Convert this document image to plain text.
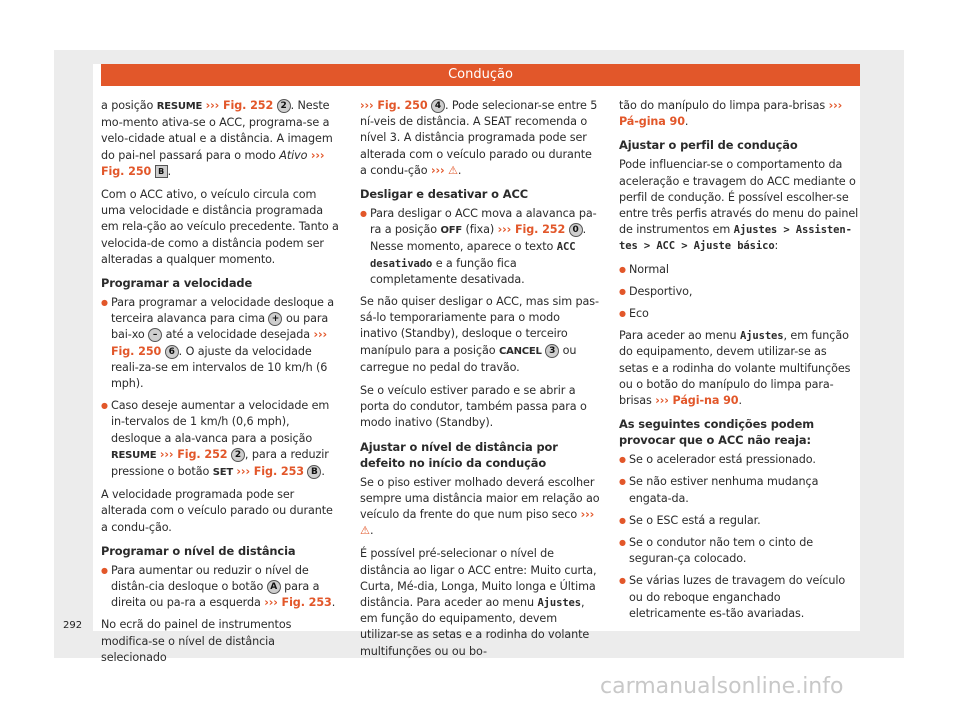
Condução

a posição RESUME ››› Fig. 252 2 . Neste mo-mento ativa-se o ACC, programa-se a velo-cidade atual e a distância. A imagem do pai-nel passará para o modo Ativo ››› Fig. 250 B .

Com o ACC ativo, o veículo circula com uma velocidade e distância programada em rela-ção ao veículo precedente. Tanto a velocida-de como a distância podem ser alteradas a qualquer momento.

Programar a velocidade
● Para programar a velocidade desloque a terceira alavanca para cima + ou para bai-xo – até a velocidade desejada ››› Fig. 250 6 . O ajuste da velocidade reali-za-se em intervalos de 10 km/h (6 mph).
● Caso deseje aumentar a velocidade em in-tervalos de 1 km/h (0,6 mph), desloque a ala-vanca para a posição RESUME ››› Fig. 252 2 , para a reduzir pressione o botão SET ››› Fig. 253 B .

A velocidade programada pode ser alterada com o veículo parado ou durante a condu-ção.

Programar o nível de distância
● Para aumentar ou reduzir o nível de distân-cia desloque o botão A para a direita ou pa-ra a esquerda ››› Fig. 253.

No ecrã do painel de instrumentos modifica-se o nível de distância selecionado

››› Fig. 250 4 . Pode selecionar-se entre 5 ní-veis de distância. A SEAT recomenda o nível 3. A distância programada pode ser alterada com o veículo parado ou durante a condu-ção ››› ⚠.

Desligar e desativar o ACC
● Para desligar o ACC mova a alavanca pa-ra a posição OFF (fixa) ››› Fig. 252 0 . Nesse momento, aparece o texto ACC desativado e a função fica completamente desativada.

Se não quiser desligar o ACC, mas sim pas-sá-lo temporariamente para o modo inativo (Standby), desloque o terceiro manípulo para a posição CANCEL 3 ou carregue no pedal do travão.

Se o veículo estiver parado e se abrir a porta do condutor, também passa para o modo inativo (Standby).

Ajustar o nível de distância por defeito no início da condução

Se o piso estiver molhado deverá escolher sempre uma distância maior em relação ao veículo da frente do que num piso seco ››› ⚠.

É possível pré-selecionar o nível de distância ao ligar o ACC entre: Muito curta, Curta, Mé-dia, Longa, Muito longa e Última distância. Para aceder ao menu Ajustes, em função do equipamento, devem utilizar-se as setas e a rodinha do volante multifunções ou ou bo-

tão do manípulo do limpa para-brisas ››› Pá-gina 90.

Ajustar o perfil de condução

Pode influenciar-se o comportamento da aceleração e travagem do ACC mediante o perfil de condução. É possível escolher-se entre três perfis através do menu do painel de instrumentos em Ajustes > Assisten-tes > ACC > Ajuste básico:

● Normal
● Desportivo,
● Eco

Para aceder ao menu Ajustes, em função do equipamento, devem utilizar-se as setas e a rodinha do volante multifunções ou o botão do manípulo do limpa para-brisas ››› Pági-na 90.

As seguintes condições podem provocar que o ACC não reaja:
● Se o acelerador está pressionado.
● Se não estiver nenhuma mudança engata-da.
● Se o ESC está a regular.
● Se o condutor não tem o cinto de seguran-ça colocado.
● Se várias luzes de travagem do veículo ou do reboque enganchado eletricamente es-tão avariadas.
292
carmanualsonline.info
